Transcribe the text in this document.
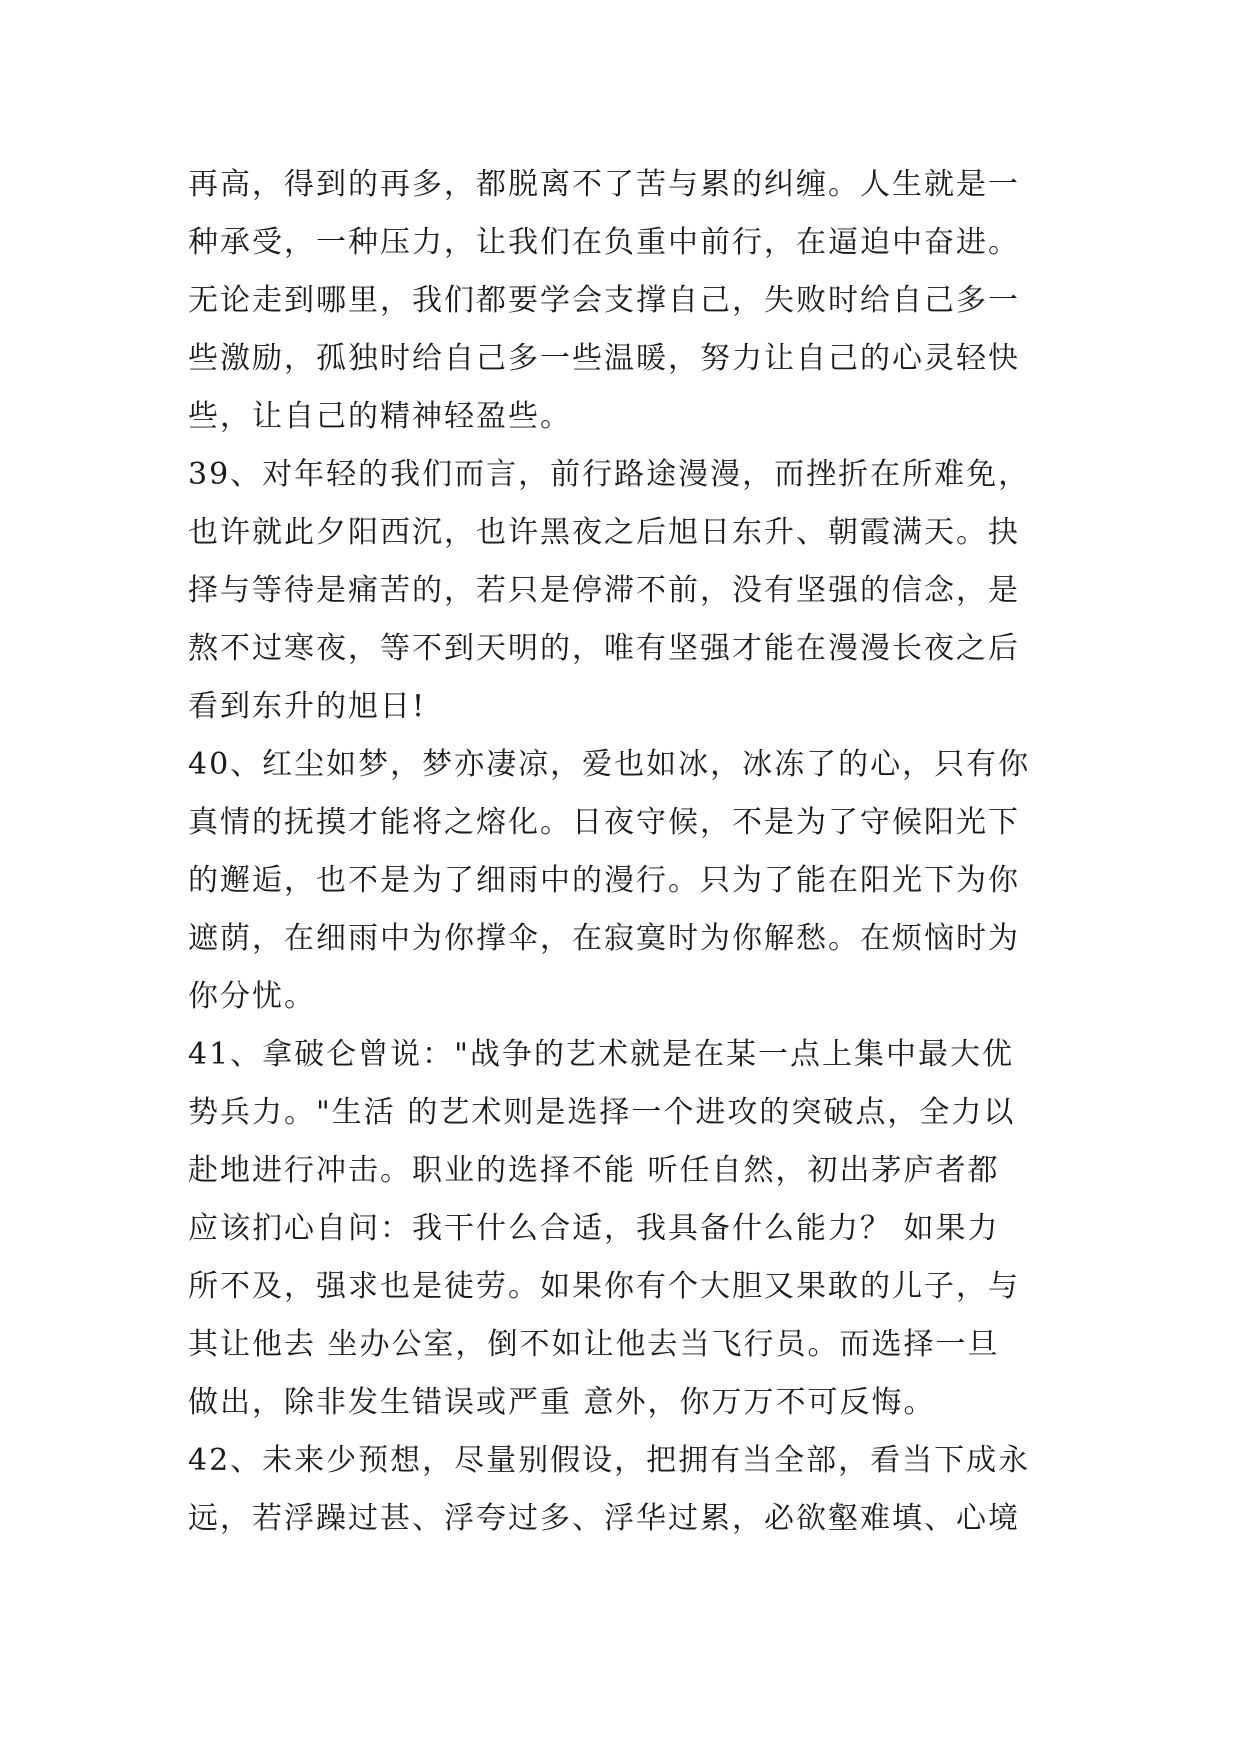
再高，得到的再多，都脱离不了苦与累的纠缠。人生就是一
种承受，一种压力，让我们在负重中前行，在逼迫中奋进。
无论走到哪里，我们都要学会支撑自己，失败时给自己多一
些激励，孤独时给自己多一些温暖，努力让自己的心灵轻快
些，让自己的精神轻盈些。
39、对年轻的我们而言，前行路途漫漫，而挫折在所难免，
也许就此夕阳西沉，也许黑夜之后旭日东升、朝霞满天。抉
择与等待是痛苦的，若只是停滞不前，没有坚强的信念，是
熬不过寒夜，等不到天明的，唯有坚强才能在漫漫长夜之后
看到东升的旭日!
40、红尘如梦，梦亦凄凉，爱也如冰，冰冻了的心，只有你
真情的抚摸才能将之熔化。日夜守候，不是为了守候阳光下
的邂逅，也不是为了细雨中的漫行。只为了能在阳光下为你
遮荫，在细雨中为你撑伞，在寂寞时为你解愁。在烦恼时为
你分忧。
41、拿破仑曾说："战争的艺术就是在某一点上集中最大优
势兵力。"生活 的艺术则是选择一个进攻的突破点，全力以
赴地进行冲击。职业的选择不能 听任自然，初出茅庐者都
应该扪心自问：我干什么合适，我具备什么能力？ 如果力
所不及，强求也是徒劳。如果你有个大胆又果敢的儿子，与
其让他去 坐办公室，倒不如让他去当飞行员。而选择一旦
做出，除非发生错误或严重 意外，你万万不可反悔。
42、未来少预想，尽量别假设，把拥有当全部，看当下成永
远，若浮躁过甚、浮夸过多、浮华过累，必欲壑难填、心境
